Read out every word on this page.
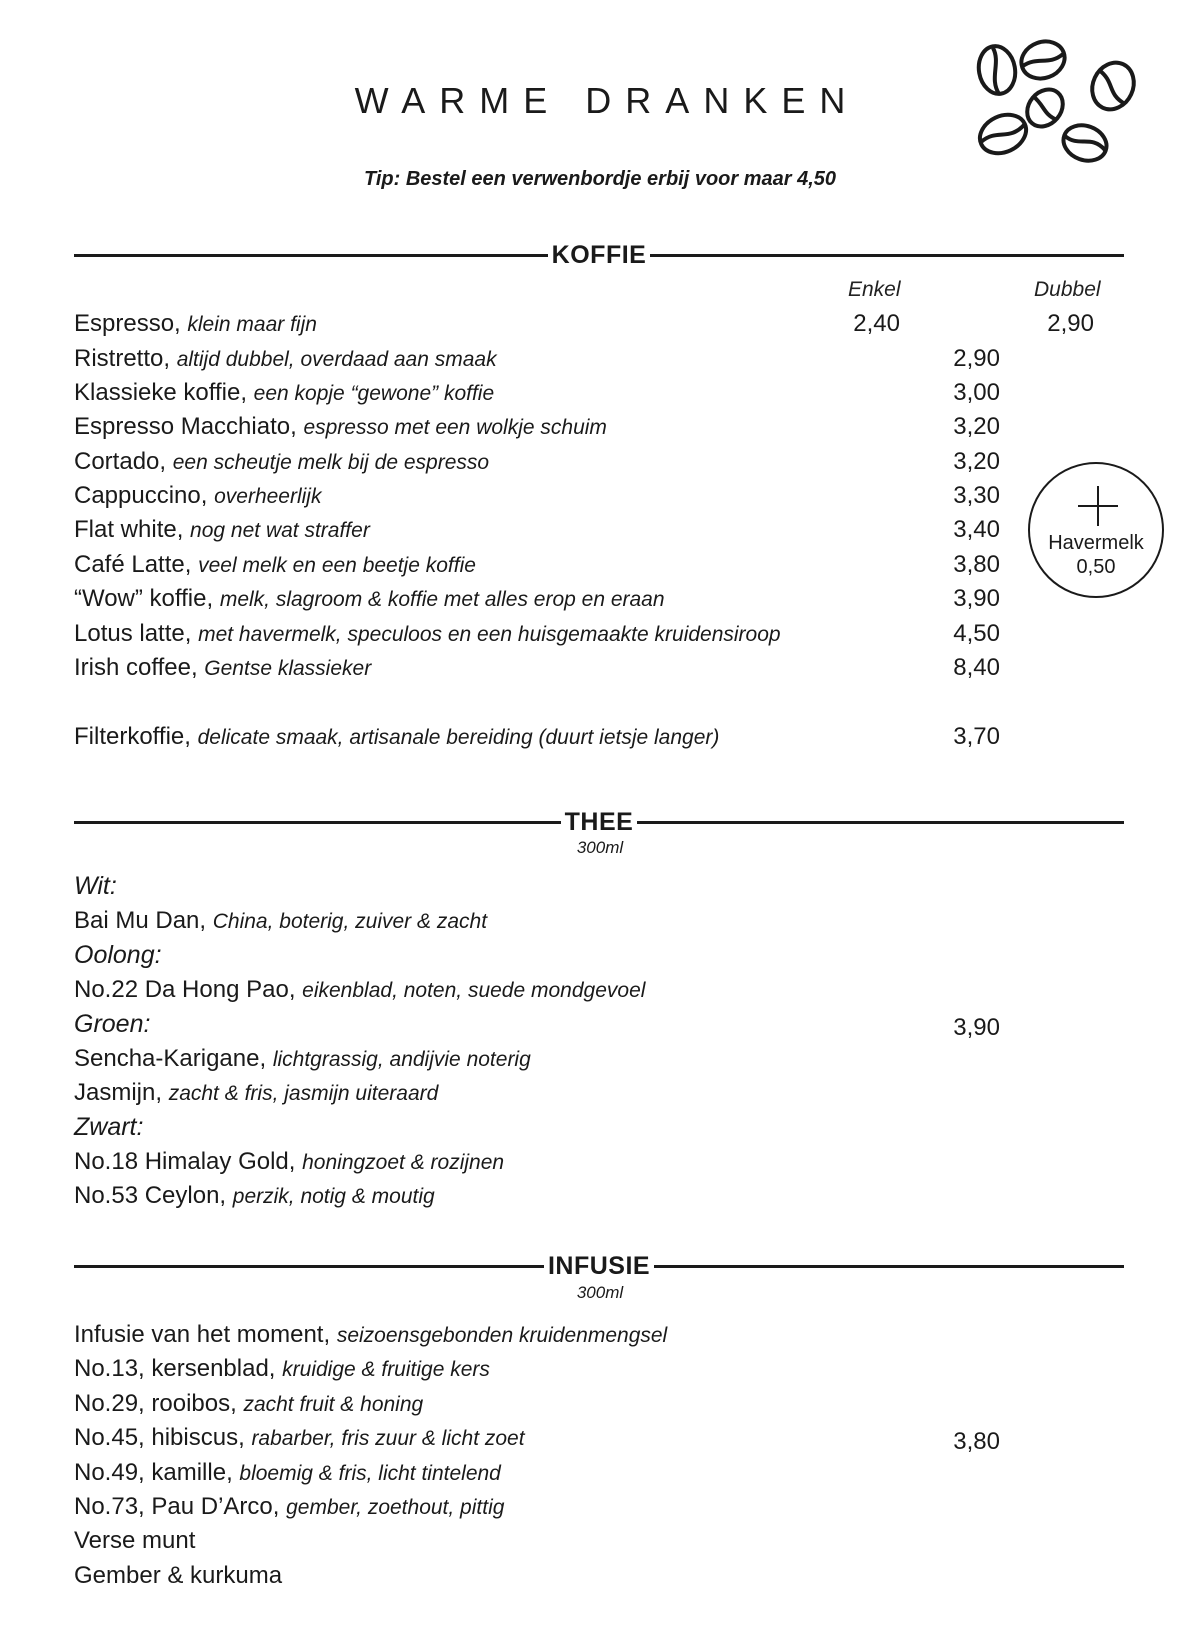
WARME DRANKEN
Tip: Bestel een verwenbordje erbij voor maar 4,50
KOFFIE
Enkel	Dubbel
Espresso, klein maar fijn	2,40	2,90
Ristretto, altijd dubbel, overdaad aan smaak	2,90
Klassieke koffie, een kopje “gewone” koffie	3,00
Espresso Macchiato, espresso met een wolkje schuim	3,20
Cortado, een scheutje melk bij de espresso	3,20
Cappuccino, overheerlijk	3,30
Flat white, nog net wat straffer	3,40
Café Latte, veel melk en een beetje koffie	3,80
“Wow” koffie, melk, slagroom & koffie met alles erop en eraan	3,90
Lotus latte, met havermelk, speculoos en een huisgemaakte kruidensiroop	4,50
Irish coffee, Gentse klassieker	8,40
Filterkoffie, delicate smaak, artisanale bereiding (duurt ietsje langer)	3,70
Havermelk
0,50
THEE
300ml
Wit:
Bai Mu Dan, China, boterig, zuiver & zacht
Oolong:
No.22 Da Hong Pao, eikenblad, noten, suede mondgevoel
Groen:
Sencha-Karigane, lichtgrassig, andijvie noterig
Jasmijn, zacht & fris, jasmijn uiteraard
Zwart:
No.18 Himalay Gold, honingzoet & rozijnen
No.53 Ceylon, perzik, notig & moutig
3,90
INFUSIE
300ml
Infusie van het moment, seizoensgebonden kruidenmengsel
No.13, kersenblad, kruidige & fruitige kers
No.29, rooibos, zacht fruit & honing
No.45, hibiscus, rabarber, fris zuur & licht zoet
No.49, kamille, bloemig & fris, licht tintelend
No.73, Pau D’Arco, gember, zoethout, pittig
Verse munt
Gember & kurkuma
3,80
